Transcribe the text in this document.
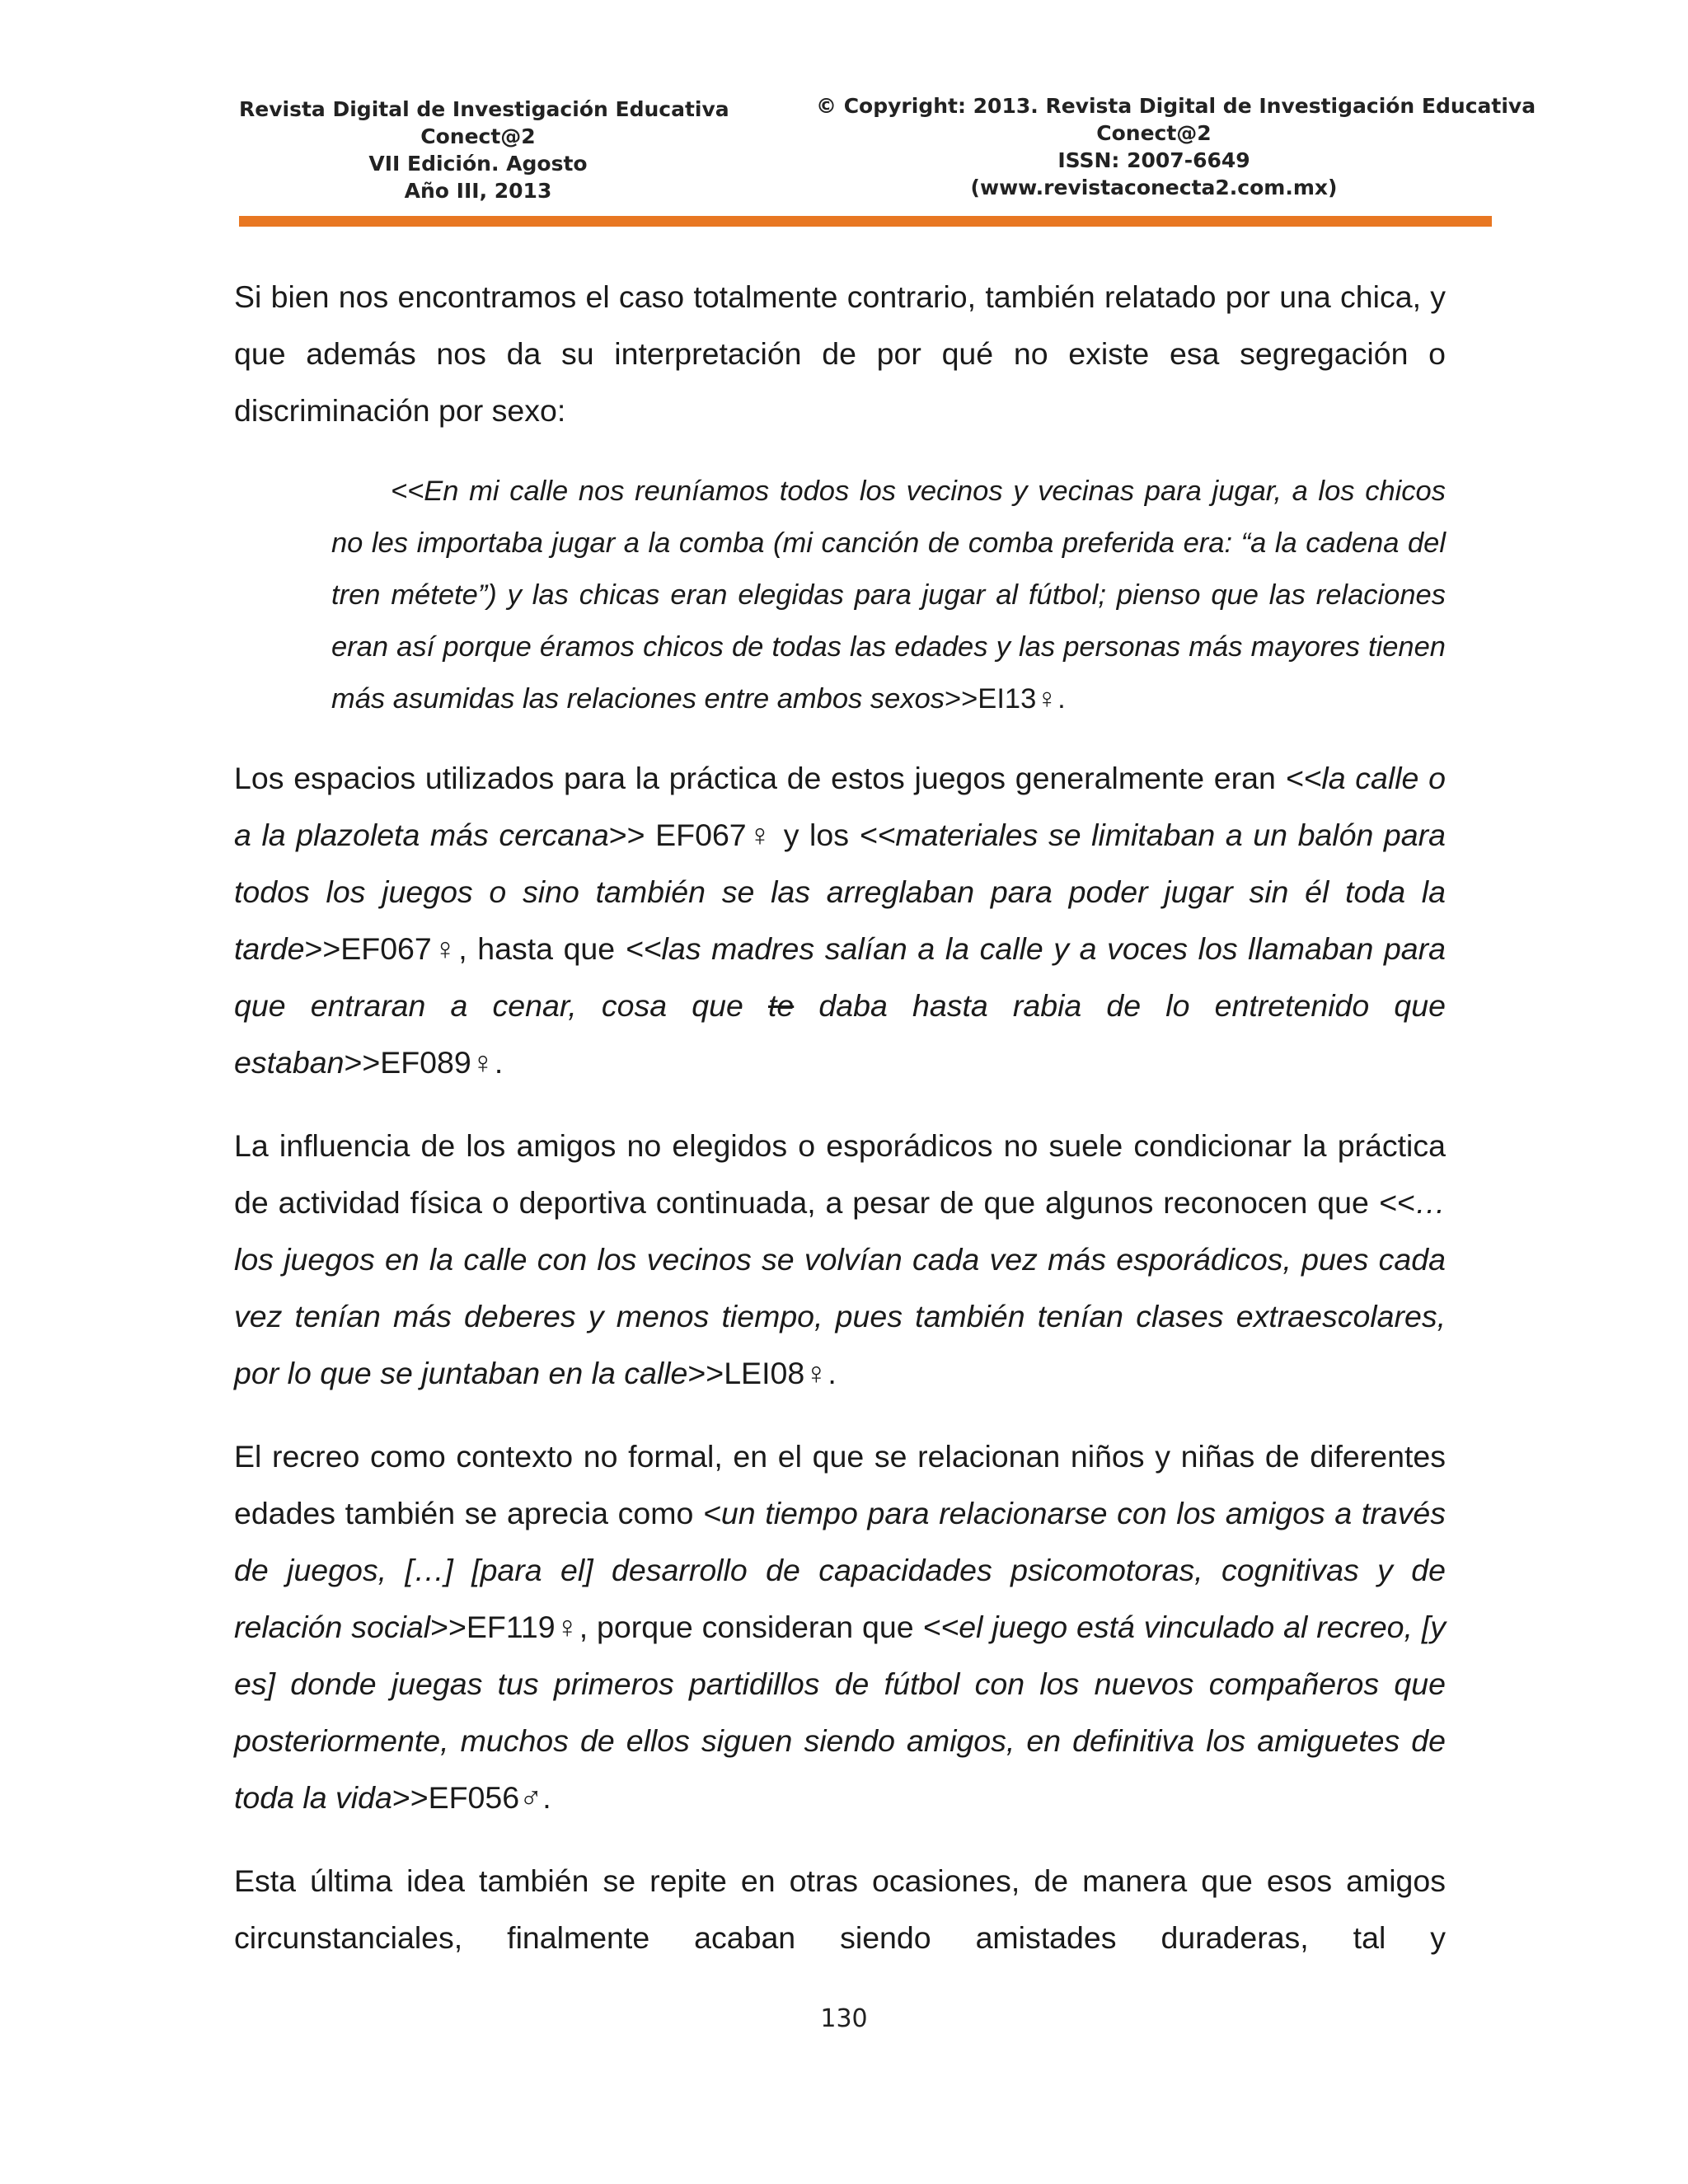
Revista Digital de Investigación Educativa
Conect@2
VII Edición. Agosto
Año III, 2013
© Copyright: 2013. Revista Digital de Investigación Educativa
Conect@2
ISSN: 2007-6649
(www.revistaconecta2.com.mx)

Si bien nos encontramos el caso totalmente contrario, también relatado por una chica, y que además nos da su interpretación de por qué no existe esa segregación o discriminación por sexo:

<<En mi calle nos reuníamos todos los vecinos y vecinas para jugar, a los chicos no les importaba jugar a la comba (mi canción de comba preferida era: “a la cadena del tren métete”) y las chicas eran elegidas para jugar al fútbol; pienso que las relaciones eran así porque éramos chicos de todas las edades y las personas más mayores tienen más asumidas las relaciones entre ambos sexos>>EI13♀.

Los espacios utilizados para la práctica de estos juegos generalmente eran <<la calle o a la plazoleta más cercana>> EF067♀ y los <<materiales se limitaban a un balón para todos los juegos o sino también se las arreglaban para poder jugar sin él toda la tarde>>EF067♀, hasta que <<las madres salían a la calle y a voces los llamaban para que entraran a cenar, cosa que te daba hasta rabia de lo entretenido que estaban>>EF089♀.

La influencia de los amigos no elegidos o esporádicos no suele condicionar la práctica de actividad física o deportiva continuada, a pesar de que algunos reconocen que <<… los juegos en la calle con los vecinos se volvían cada vez más esporádicos, pues cada vez tenían más deberes y menos tiempo, pues también tenían clases extraescolares, por lo que se juntaban en la calle>>LEI08♀.

El recreo como contexto no formal, en el que se relacionan niños y niñas de diferentes edades también se aprecia como <un tiempo para relacionarse con los amigos a través de juegos, […] [para el] desarrollo de capacidades psicomotoras, cognitivas y de relación social>>EF119♀, porque consideran que <<el juego está vinculado al recreo, [y es] donde juegas tus primeros partidillos de fútbol con los nuevos compañeros que posteriormente, muchos de ellos siguen siendo amigos, en definitiva los amiguetes de toda la vida>>EF056♂.

Esta última idea también se repite en otras ocasiones, de manera que esos amigos circunstanciales, finalmente acaban siendo amistades duraderas, tal y

130
